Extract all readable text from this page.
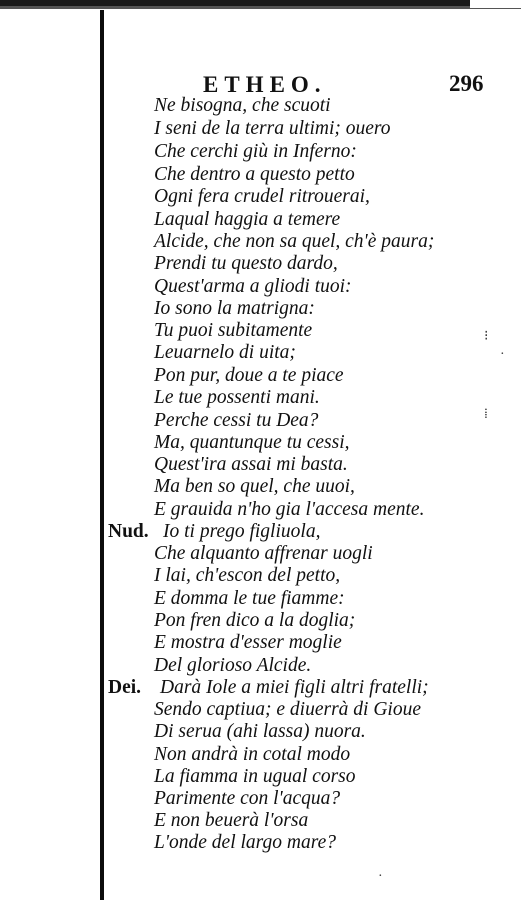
ETHEO.	296
Ne bisogna, che scuoti
I seni de la terra ultimi; ouero
Che cerchi giù in Inferno:
Che dentro a questo petto
Ogni fera crudel ritrouerai,
Laqual haggia a temere
Alcide, che non sa quel, ch'è paura;
Prendi tu questo dardo,
Quest'arma a gliodi tuoi:
Io sono la matrigna:
Tu puoi subitamente
Leuarnelo di uita;
Pon pur, doue a te piace
Le tue possenti mani.
Perche cessi tu Dea?
Ma, quantunque tu cessi,
Quest'ira assai mi basta.
Ma ben so quel, che uuoi,
E grauida n'ho gia l'accesa mente.
Nud. Io ti prego figliuola,
Che alquanto affrenar uogli
I lai, ch'escon del petto,
E domma le tue fiamme:
Pon fren dico a la doglia;
E mostra d'esser moglie
Del glorioso Alcide.
Dei. Darà Iole a miei figli altri fratelli;
Sendo captiua; e diuerrà di Gioue
Di serua (ahi lassa) nuora.
Non andrà in cotal modo
La fiamma in ugual corso
Parimente con l'acqua?
E non beuerà l'orsa
L'onde del largo mare?
⁝
·
⁞
·
